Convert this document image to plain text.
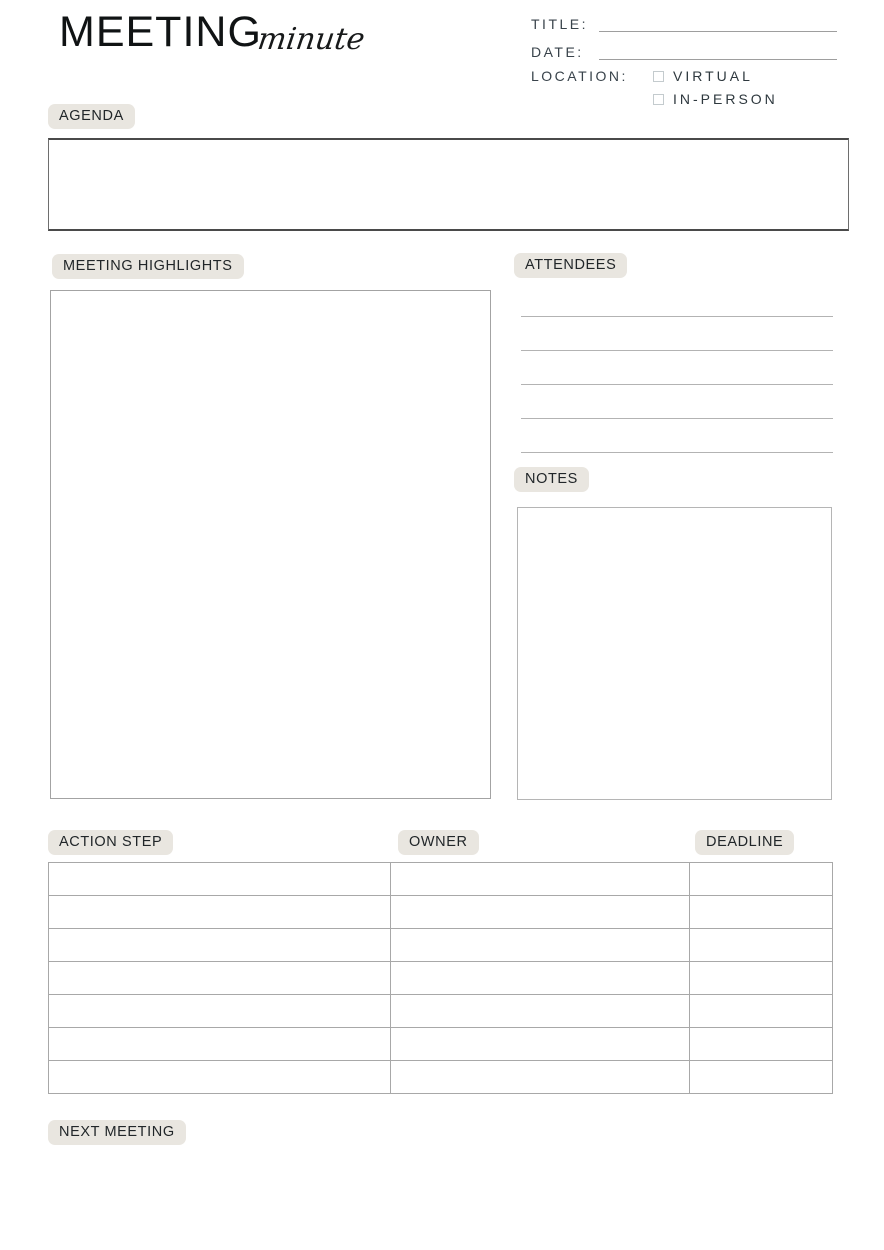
MEETING
minute	TITLE:
DATE:
LOCATION:	VIRTUAL
IN-PERSON
AGENDA
MEETING HIGHLIGHTS	ATTENDEES
NOTES
ACTION STEP	OWNER	DEADLINE
NEXT MEETING
